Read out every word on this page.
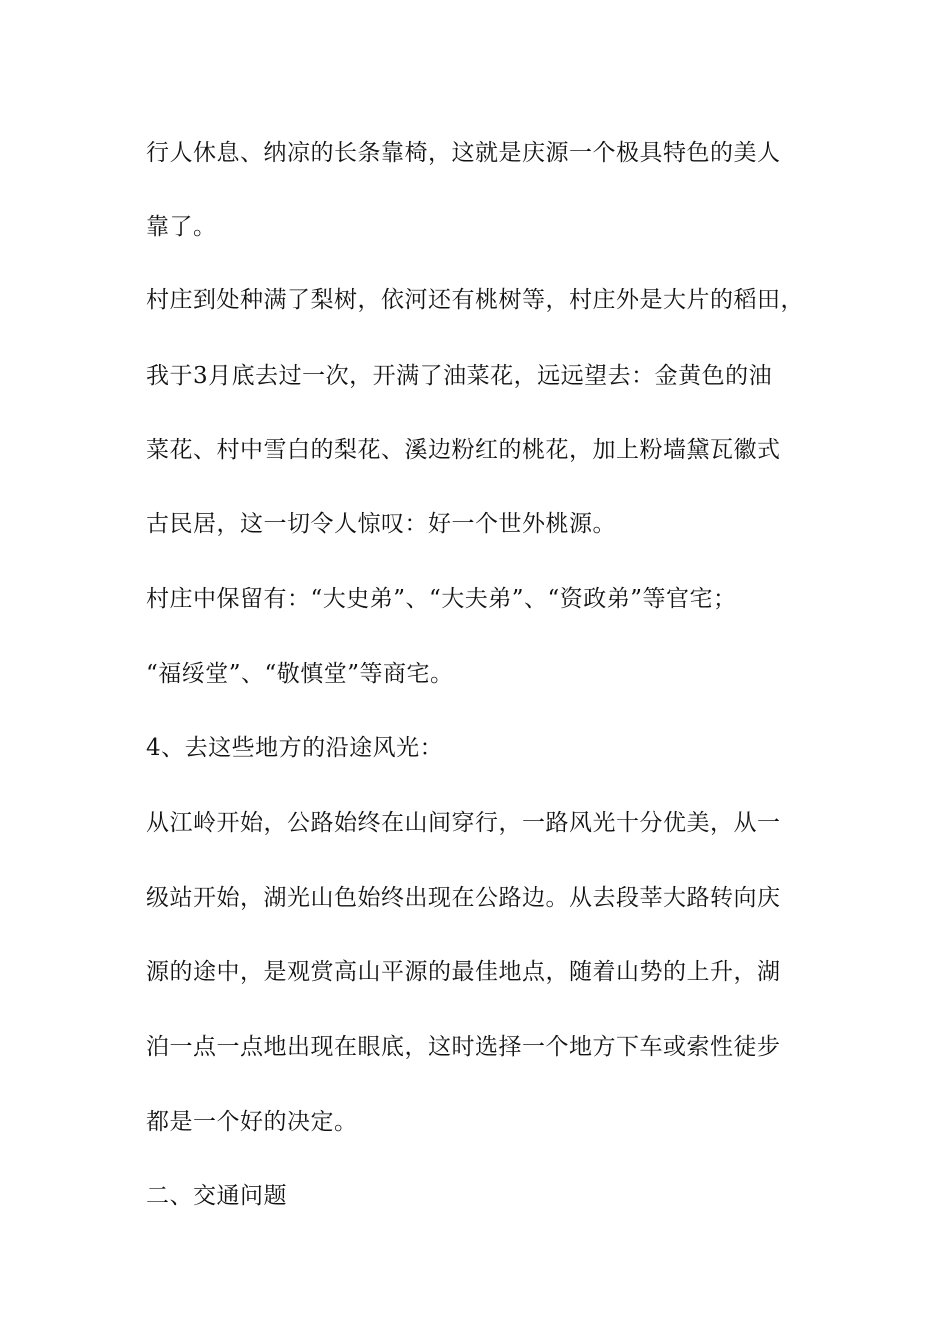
行人休息、纳凉的长条靠椅，这就是庆源一个极具特色的美人

靠了。

村庄到处种满了梨树，依河还有桃树等，村庄外是大片的稻田，

我于3月底去过一次，开满了油菜花，远远望去：金黄色的油

菜花、村中雪白的梨花、溪边粉红的桃花，加上粉墙黛瓦徽式

古民居，这一切令人惊叹：好一个世外桃源。

村庄中保留有：“大史弟”、“大夫弟”、“资政弟”等官宅；

“福绥堂”、“敬慎堂”等商宅。

4、去这些地方的沿途风光：

从江岭开始，公路始终在山间穿行，一路风光十分优美，从一

级站开始，湖光山色始终出现在公路边。从去段莘大路转向庆

源的途中，是观赏高山平源的最佳地点，随着山势的上升，湖

泊一点一点地出现在眼底，这时选择一个地方下车或索性徒步

都是一个好的决定。

二、交通问题
